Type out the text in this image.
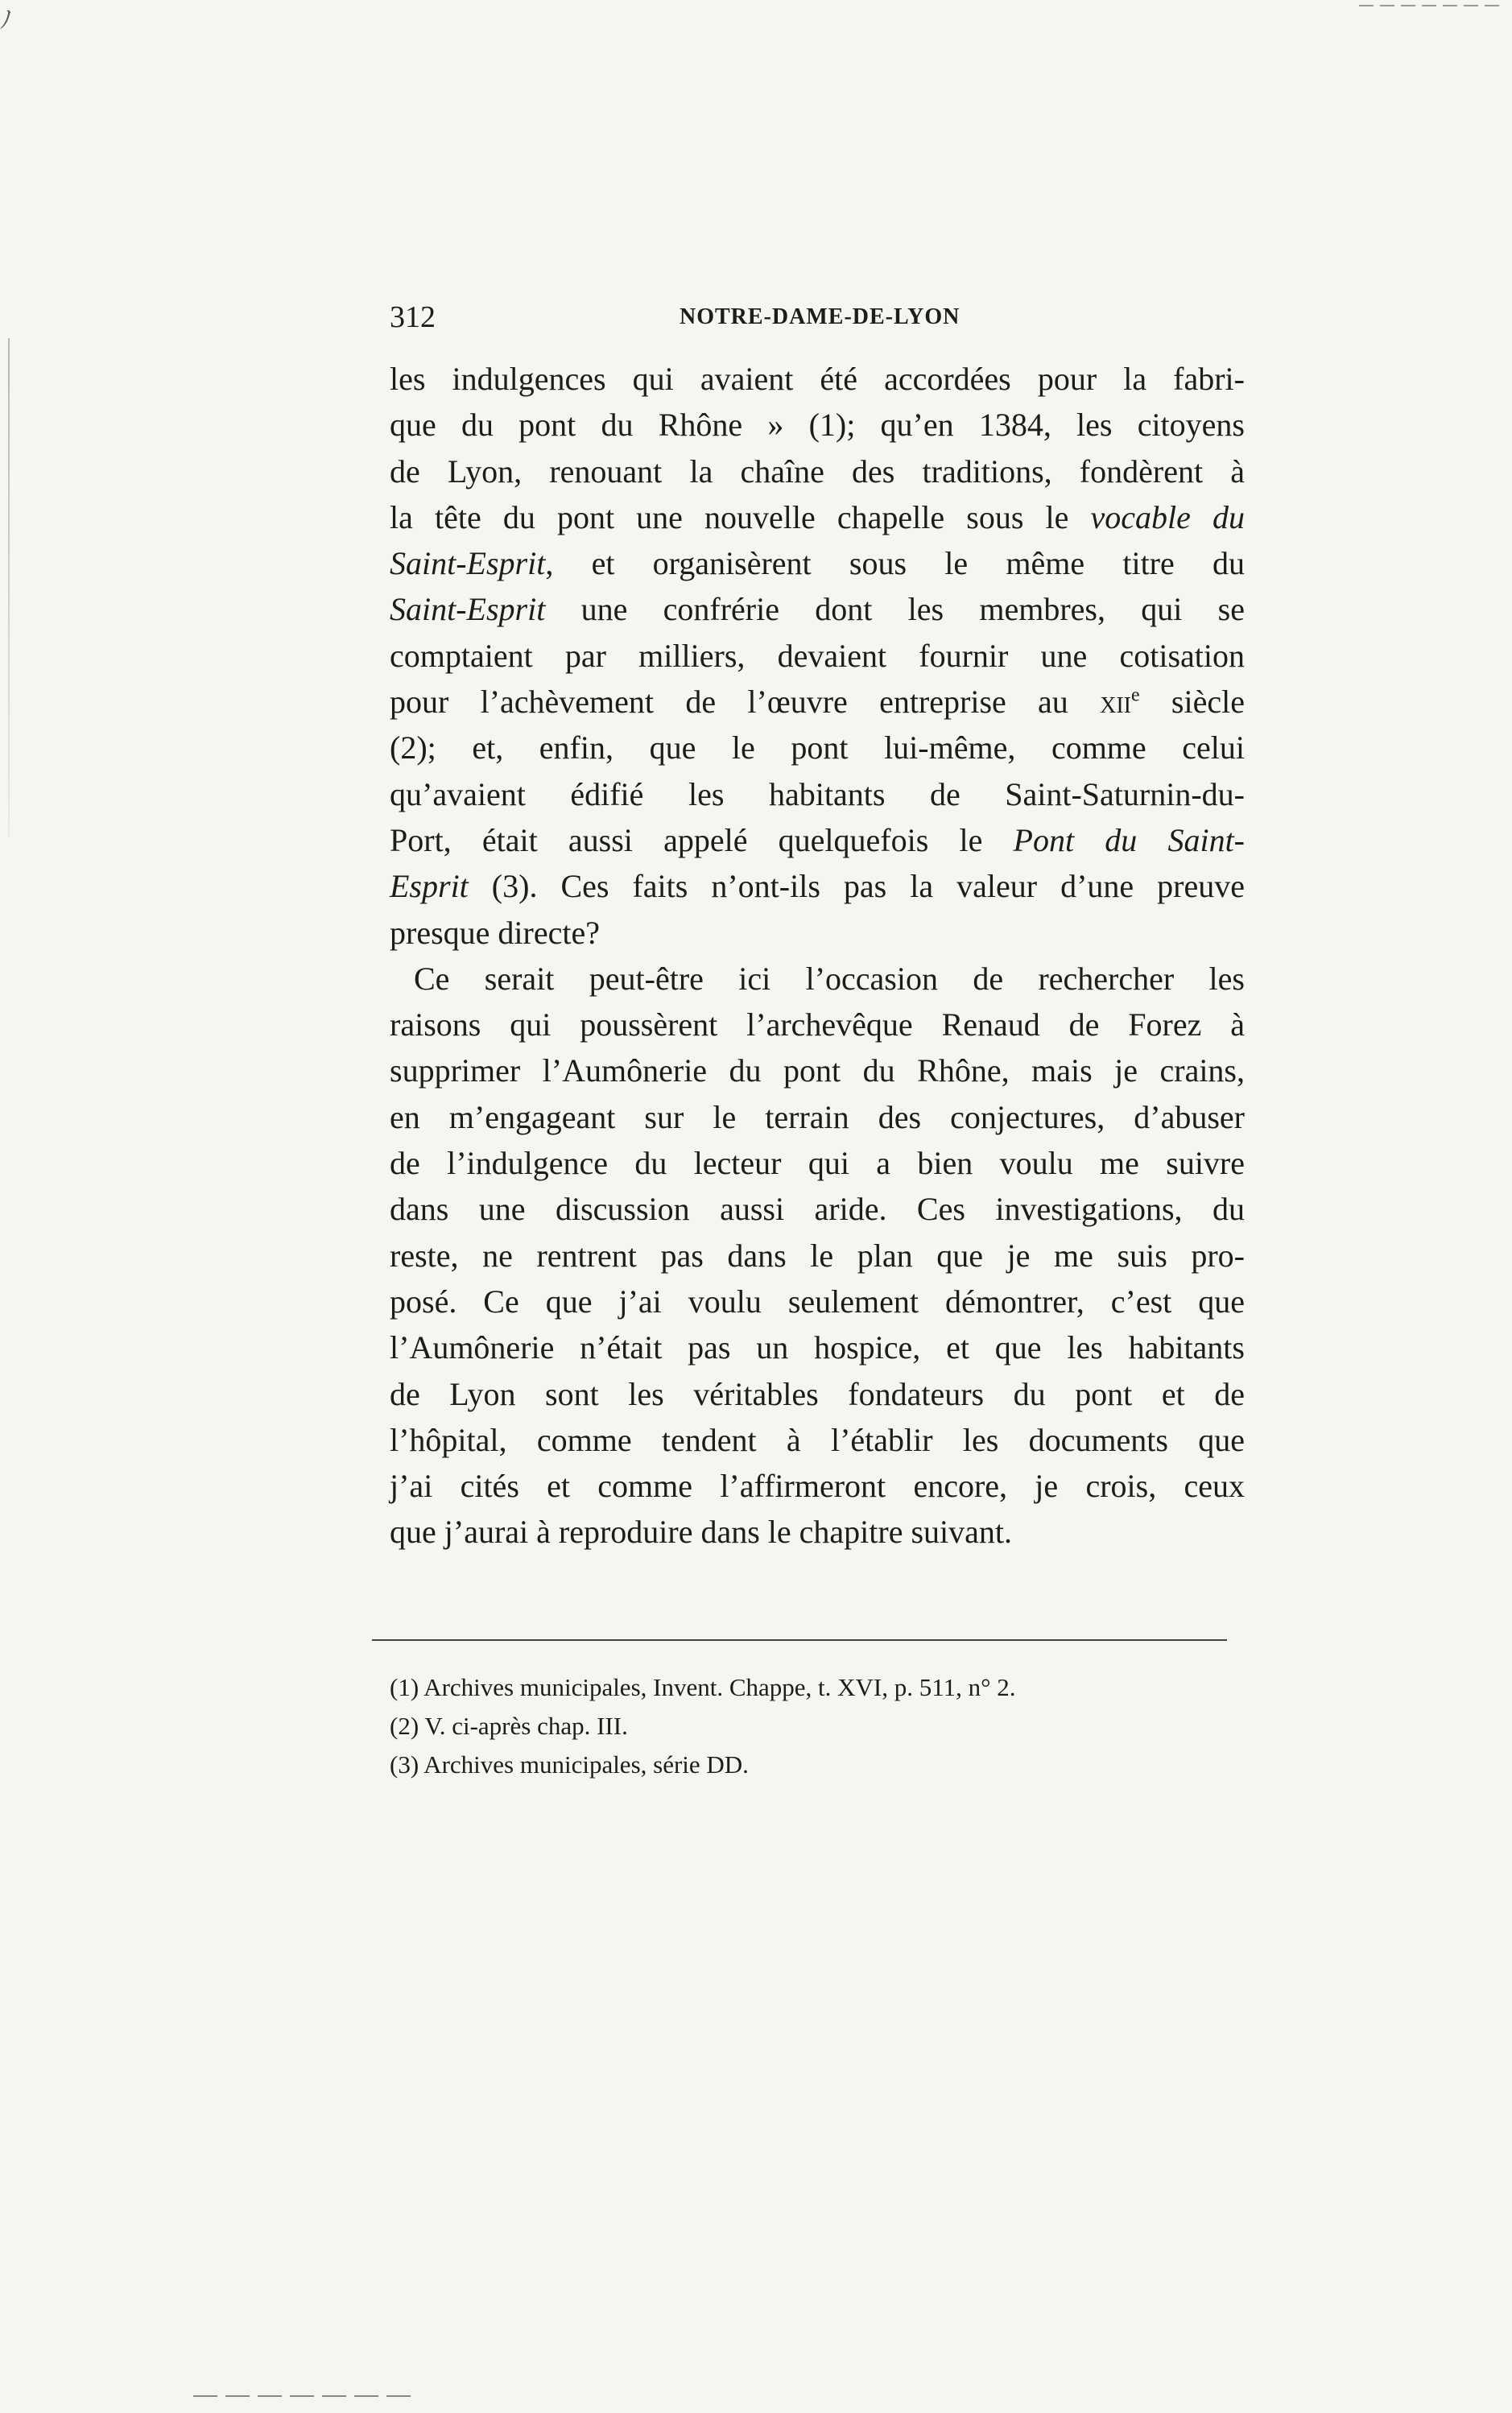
ﾉ
312	NOTRE-DAME-DE-LYON
les indulgences qui avaient été accordées pour la fabri-
que du pont du Rhône » (1); qu’en 1384, les citoyens
de Lyon, renouant la chaîne des traditions, fondèrent à
la tête du pont une nouvelle chapelle sous le vocable du
Saint-Esprit, et organisèrent sous le même titre du
Saint-Esprit une confrérie dont les membres, qui se
comptaient par milliers, devaient fournir une cotisation
pour l’achèvement de l’œuvre entreprise au xii$^e$ siècle
(2); et, enfin, que le pont lui-même, comme celui
qu’avaient édifié les habitants de Saint-Saturnin-du-
Port, était aussi appelé quelquefois le Pont du Saint-
Esprit (3). Ces faits n’ont-ils pas la valeur d’une preuve
presque directe?
Ce serait peut-être ici l’occasion de rechercher les
raisons qui poussèrent l’archevêque Renaud de Forez à
supprimer l’Aumônerie du pont du Rhône, mais je crains,
en m’engageant sur le terrain des conjectures, d’abuser
de l’indulgence du lecteur qui a bien voulu me suivre
dans une discussion aussi aride. Ces investigations, du
reste, ne rentrent pas dans le plan que je me suis pro-
posé. Ce que j’ai voulu seulement démontrer, c’est que
l’Aumônerie n’était pas un hospice, et que les habitants
de Lyon sont les véritables fondateurs du pont et de
l’hôpital, comme tendent à l’établir les documents que
j’ai cités et comme l’affirmeront encore, je crois, ceux
que j’aurai à reproduire dans le chapitre suivant.
(1) Archives municipales, Invent. Chappe, t. XVI, p. 511, n° 2.
(2) V. ci-après chap. III.
(3) Archives municipales, série DD.
